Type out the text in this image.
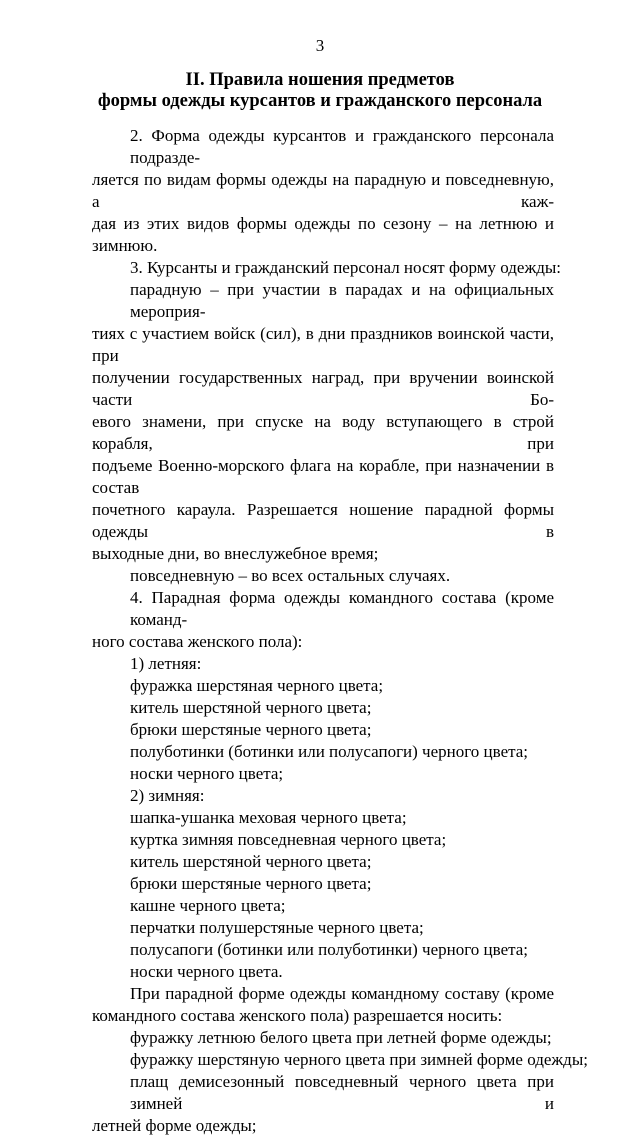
3
II. Правила ношения предметов
формы одежды курсантов и гражданского персонала
2. Форма одежды курсантов и гражданского персонала подразде-
ляется по видам формы одежды на парадную и повседневную, а каж-
дая из этих видов формы одежды по сезону – на летнюю и зимнюю.
3. Курсанты и гражданский персонал носят форму одежды:
парадную – при участии в парадах и на официальных мероприя-
тиях с участием войск (сил), в дни праздников воинской части, при
получении государственных наград, при вручении воинской части Бо-
евого знамени, при спуске на воду вступающего в строй корабля, при
подъеме Военно-морского флага на корабле, при назначении в состав
почетного караула. Разрешается ношение парадной формы одежды в
выходные дни, во внеслужебное время;
повседневную – во всех остальных случаях.
4. Парадная форма одежды командного состава (кроме команд-
ного состава женского пола):
1) летняя:
фуражка шерстяная черного цвета;
китель шерстяной черного цвета;
брюки шерстяные черного цвета;
полуботинки (ботинки или полусапоги) черного цвета;
носки черного цвета;
2) зимняя:
шапка-ушанка меховая черного цвета;
куртка зимняя повседневная черного цвета;
китель шерстяной черного цвета;
брюки шерстяные черного цвета;
кашне черного цвета;
перчатки полушерстяные черного цвета;
полусапоги (ботинки или полуботинки) черного цвета;
носки черного цвета.
При парадной форме одежды командному составу (кроме
командного состава женского пола) разрешается носить:
фуражку летнюю белого цвета при летней форме одежды;
фуражку шерстяную черного цвета при зимней форме одежды;
плащ демисезонный повседневный черного цвета при зимней и
летней форме одежды;
